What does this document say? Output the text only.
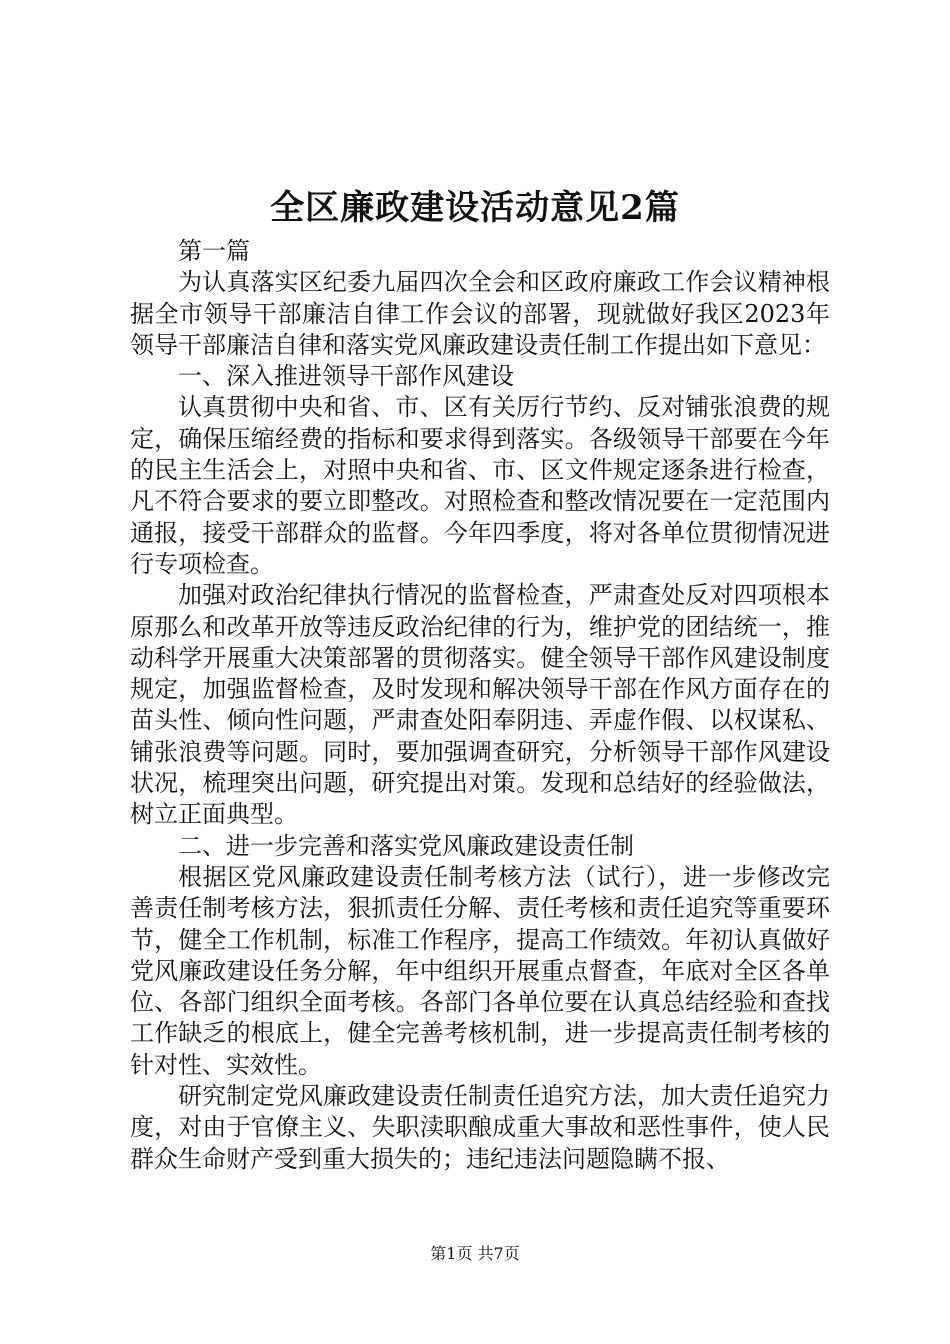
全区廉政建设活动意见2篇

第一篇

为认真落实区纪委九届四次全会和区政府廉政工作会议精神根据全市领导干部廉洁自律工作会议的部署，现就做好我区2023年领导干部廉洁自律和落实党风廉政建设责任制工作提出如下意见：

一、深入推进领导干部作风建设

认真贯彻中央和省、市、区有关厉行节约、反对铺张浪费的规定，确保压缩经费的指标和要求得到落实。各级领导干部要在今年的民主生活会上，对照中央和省、市、区文件规定逐条进行检查，凡不符合要求的要立即整改。对照检查和整改情况要在一定范围内通报，接受干部群众的监督。今年四季度，将对各单位贯彻情况进行专项检查。

加强对政治纪律执行情况的监督检查，严肃查处反对四项根本原那么和改革开放等违反政治纪律的行为，维护党的团结统一，推动科学开展重大决策部署的贯彻落实。健全领导干部作风建设制度规定，加强监督检查，及时发现和解决领导干部在作风方面存在的苗头性、倾向性问题，严肃查处阳奉阴违、弄虚作假、以权谋私、铺张浪费等问题。同时，要加强调查研究，分析领导干部作风建设状况，梳理突出问题，研究提出对策。发现和总结好的经验做法，树立正面典型。

二、进一步完善和落实党风廉政建设责任制

根据区党风廉政建设责任制考核方法（试行），进一步修改完善责任制考核方法，狠抓责任分解、责任考核和责任追究等重要环节，健全工作机制，标准工作程序，提高工作绩效。年初认真做好党风廉政建设任务分解，年中组织开展重点督查，年底对全区各单位、各部门组织全面考核。各部门各单位要在认真总结经验和查找工作缺乏的根底上，健全完善考核机制，进一步提高责任制考核的针对性、实效性。

研究制定党风廉政建设责任制责任追究方法，加大责任追究力度，对由于官僚主义、失职渎职酿成重大事故和恶性事件，使人民群众生命财产受到重大损失的；违纪违法问题隐瞒不报、

第1页 共7页
